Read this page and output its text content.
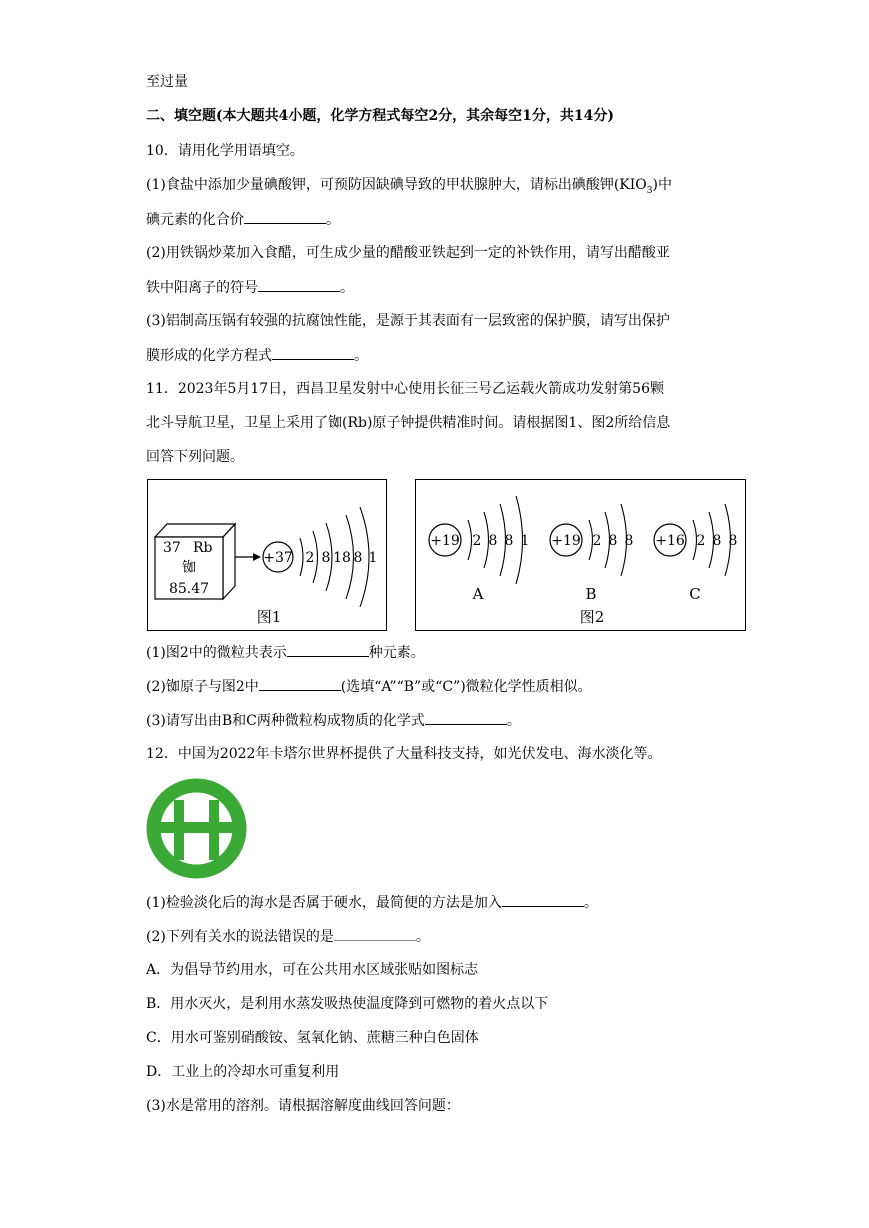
至过量
二、填空题(本大题共4小题，化学方程式每空2分，其余每空1分，共14分)
10．请用化学用语填空。
(1)食盐中添加少量碘酸钾，可预防因缺碘导致的甲状腺肿大，请标出碘酸钾$(KIO_3)$中
碘元素的化合价	。
(2)用铁锅炒菜加入食醋，可生成少量的醋酸亚铁起到一定的补铁作用，请写出醋酸亚
铁中阳离子的符号	。
(3)铝制高压锅有较强的抗腐蚀性能，是源于其表面有一层致密的保护膜，请写出保护
膜形成的化学方程式	。
11．2023年5月17日，西昌卫星发射中心使用长征三号乙运载火箭成功发射第56颗
北斗导航卫星，卫星上采用了铷(Rb)原子钟提供精准时间。请根据图1、图2所给信息
回答下列问题。
37 Rb
铷
85.47
+37 2 8 18 8 1
图1
+19 2 8 8 1
A
+19 2 8 8
B
+16 2 8 8
C
图2
(1)图2中的微粒共表示	种元素。
(2)铷原子与图2中	(选填“A”“B”或“C”)微粒化学性质相似。
(3)请写出由B和C两种微粒构成物质的化学式	。
12．中国为2022年卡塔尔世界杯提供了大量科技支持，如光伏发电、海水淡化等。
(1)检验淡化后的海水是否属于硬水，最简便的方法是加入	。
(2)下列有关水的说法错误的是	。
A．为倡导节约用水，可在公共用水区域张贴如图标志
B．用水灭火，是利用水蒸发吸热使温度降到可燃物的着火点以下
C．用水可鉴别硝酸铵、氢氧化钠、蔗糖三种白色固体
D．工业上的冷却水可重复利用
(3)水是常用的溶剂。请根据溶解度曲线回答问题：
